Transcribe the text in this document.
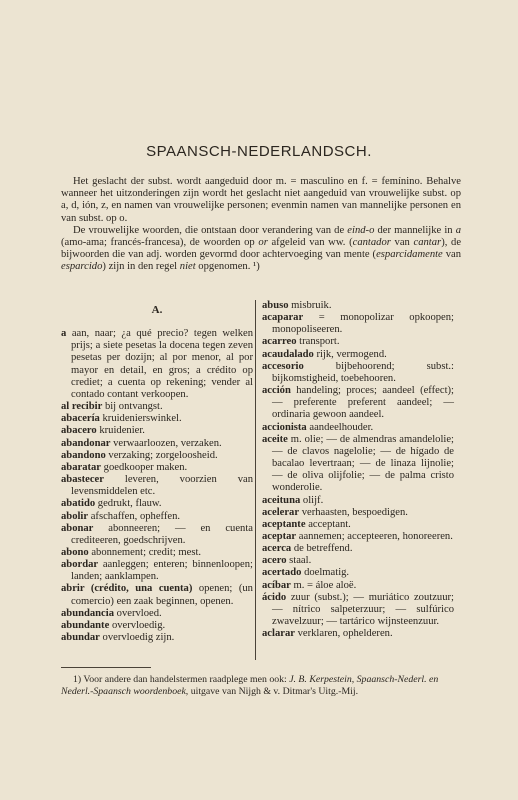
SPAANSCH-NEDERLANDSCH.

Het geslacht der subst. wordt aangeduid door m. = masculino en f. = femínino. Behalve wanneer het uitzonderingen zijn wordt het geslacht niet aangeduid van vrouwelijke subst. op a, d, ión, z, en namen van vrouwelijke personen; evenmin namen van mannelijke personen en van subst. op o.

De vrouwelijke woorden, die ontstaan door verandering van de eind-o der mannelijke in a (amo-ama; francés-francesa), de woorden op or afgeleid van ww. (cantador van cantar), de bijwoorden die van adj. worden gevormd door achtervoeging van mente (esparcidamente van esparcido) zijn in den regel niet opgenomen. ¹)

A.

a aan, naar; ¿a qué precio? tegen welken prijs; a siete pesetas la docena tegen zeven pesetas per dozijn; al por menor, al por mayor en detail, en gros; a crédito op crediet; a cuenta op rekening; vender al contado contant verkoopen.

al recibir bij ontvangst.

abacería kruidenierswinkel.

abacero kruidenier.

abandonar verwaarloozen, verzaken.

abandono verzaking; zorgeloosheid.

abaratar goedkooper maken.

abastecer leveren, voorzien van levensmiddelen etc.

abatido gedrukt, flauw.

abolir afschaffen, opheffen.

abonar abonneeren; — en cuenta crediteeren, goedschrijven.

abono abonnement; credit; mest.

abordar aanleggen; enteren; binnenloopen; landen; aanklampen.

abrir (crédito, una cuenta) openen; (un comercio) een zaak beginnen, openen.

abundancia overvloed.

abundante overvloedig.

abundar overvloedig zijn.

abuso misbruik.

acaparar = monopolizar opkoopen; monopoliseeren.

acarreo transport.

acaudalado rijk, vermogend.

accesorio bijbehoorend; subst.: bijkomstigheid, toebehooren.

acción handeling; proces; aandeel (effect); — preferente preferent aandeel; — ordinaria gewoon aandeel.

accionista aandeelhouder.

aceite m. olie; — de almendras amandelolie; — de clavos nagelolie; — de hígado de bacalao levertraan; — de linaza lijnolie; — de oliva olijfolie; — de palma cristo wonderolie.

aceituna olijf.

acelerar verhaasten, bespoedigen.

aceptante acceptant.

aceptar aannemen; accepteeren, honoreeren.

acerca de betreffend.

acero staal.

acertado doelmatig.

acíbar m. = áloe aloë.

ácido zuur (subst.); — muriático zoutzuur; — nítrico salpeterzuur; — sulfúrico zwavelzuur; — tartárico wijnsteenzuur.

aclarar verklaren, ophelderen.

1) Voor andere dan handelstermen raadplege men ook: J. B. Kerpestein, Spaansch-Nederl. en Nederl.-Spaansch woordenboek, uitgave van Nijgh & v. Ditmar's Uitg.-Mij.
